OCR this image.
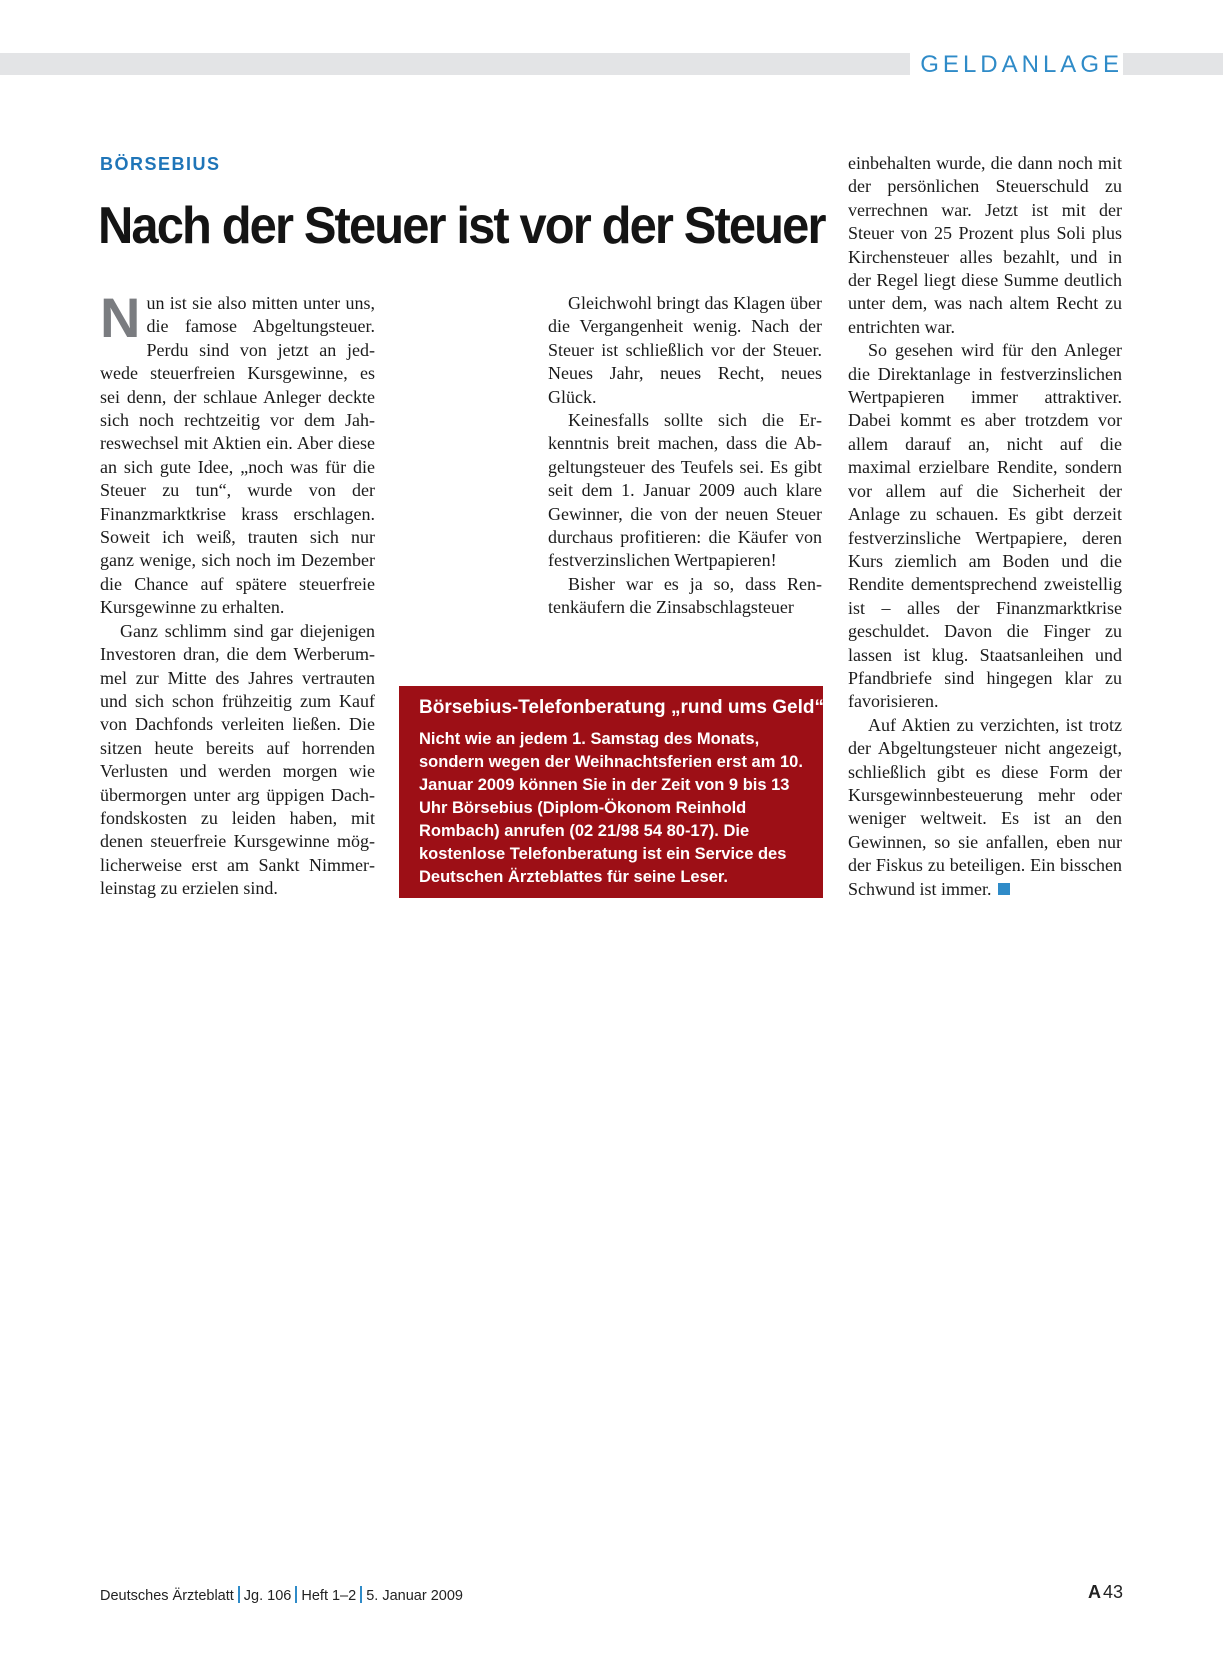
GELDANLAGE
BÖRSEBIUS
Nach der Steuer ist vor der Steuer

Nun ist sie also mitten unter uns, die famose Abgeltungsteuer. Perdu sind von jetzt an jedwede steuerfreien Kursgewinne, es sei denn, der schlaue Anleger deckte sich noch rechtzeitig vor dem Jahreswechsel mit Aktien ein. Aber diese an sich gute Idee, „noch was für die Steuer zu tun“, wurde von der Finanzmarktkrise krass erschlagen. Soweit ich weiß, trauten sich nur ganz wenige, sich noch im Dezember die Chance auf spätere steuerfreie Kursgewinne zu erhalten.

Ganz schlimm sind gar diejenigen Investoren dran, die dem Werberummel zur Mitte des Jahres vertrauten und sich schon frühzeitig zum Kauf von Dachfonds verleiten ließen. Die sitzen heute bereits auf horrenden Verlusten und werden morgen wie übermorgen unter arg üppigen Dachfondskosten zu leiden haben, mit denen steuerfreie Kursgewinne möglicherweise erst am Sankt Nimmerleinstag zu erzielen sind.

Gleichwohl bringt das Klagen über die Vergangenheit wenig. Nach der Steuer ist schließlich vor der Steuer. Neues Jahr, neues Recht, neues Glück.

Keinesfalls sollte sich die Erkenntnis breit machen, dass die Abgeltungsteuer des Teufels sei. Es gibt seit dem 1. Januar 2009 auch klare Gewinner, die von der neuen Steuer durchaus profitieren: die Käufer von festverzinslichen Wertpapieren!

Bisher war es ja so, dass Rentenkäufern die Zinsabschlagsteuer

Börsebius-Telefonberatung „rund ums Geld“

Nicht wie an jedem 1. Samstag des Monats, sondern wegen der Weihnachtsferien erst am 10. Januar 2009 können Sie in der Zeit von 9 bis 13 Uhr Börsebius (Diplom-Ökonom Reinhold Rombach) anrufen (02 21/98 54 80-17). Die kostenlose Telefonberatung ist ein Service des Deutschen Ärzteblattes für seine Leser.

einbehalten wurde, die dann noch mit der persönlichen Steuerschuld zu verrechnen war. Jetzt ist mit der Steuer von 25 Prozent plus Soli plus Kirchensteuer alles bezahlt, und in der Regel liegt diese Summe deutlich unter dem, was nach altem Recht zu entrichten war.

So gesehen wird für den Anleger die Direktanlage in festverzinslichen Wertpapieren immer attraktiver. Dabei kommt es aber trotzdem vor allem darauf an, nicht auf die maximal erzielbare Rendite, sondern vor allem auf die Sicherheit der Anlage zu schauen. Es gibt derzeit festverzinsliche Wertpapiere, deren Kurs ziemlich am Boden und die Rendite dementsprechend zweistellig ist – alles der Finanzmarktkrise geschuldet. Davon die Finger zu lassen ist klug. Staatsanleihen und Pfandbriefe sind hingegen klar zu favorisieren.

Auf Aktien zu verzichten, ist trotz der Abgeltungsteuer nicht angezeigt, schließlich gibt es diese Form der Kursgewinnbesteuerung mehr oder weniger weltweit. Es ist an den Gewinnen, so sie anfallen, eben nur der Fiskus zu beteiligen. Ein bisschen Schwund ist immer.

Deutsches Ärzteblatt Jg. 106 Heft 1–2 5. Januar 2009	A 43
